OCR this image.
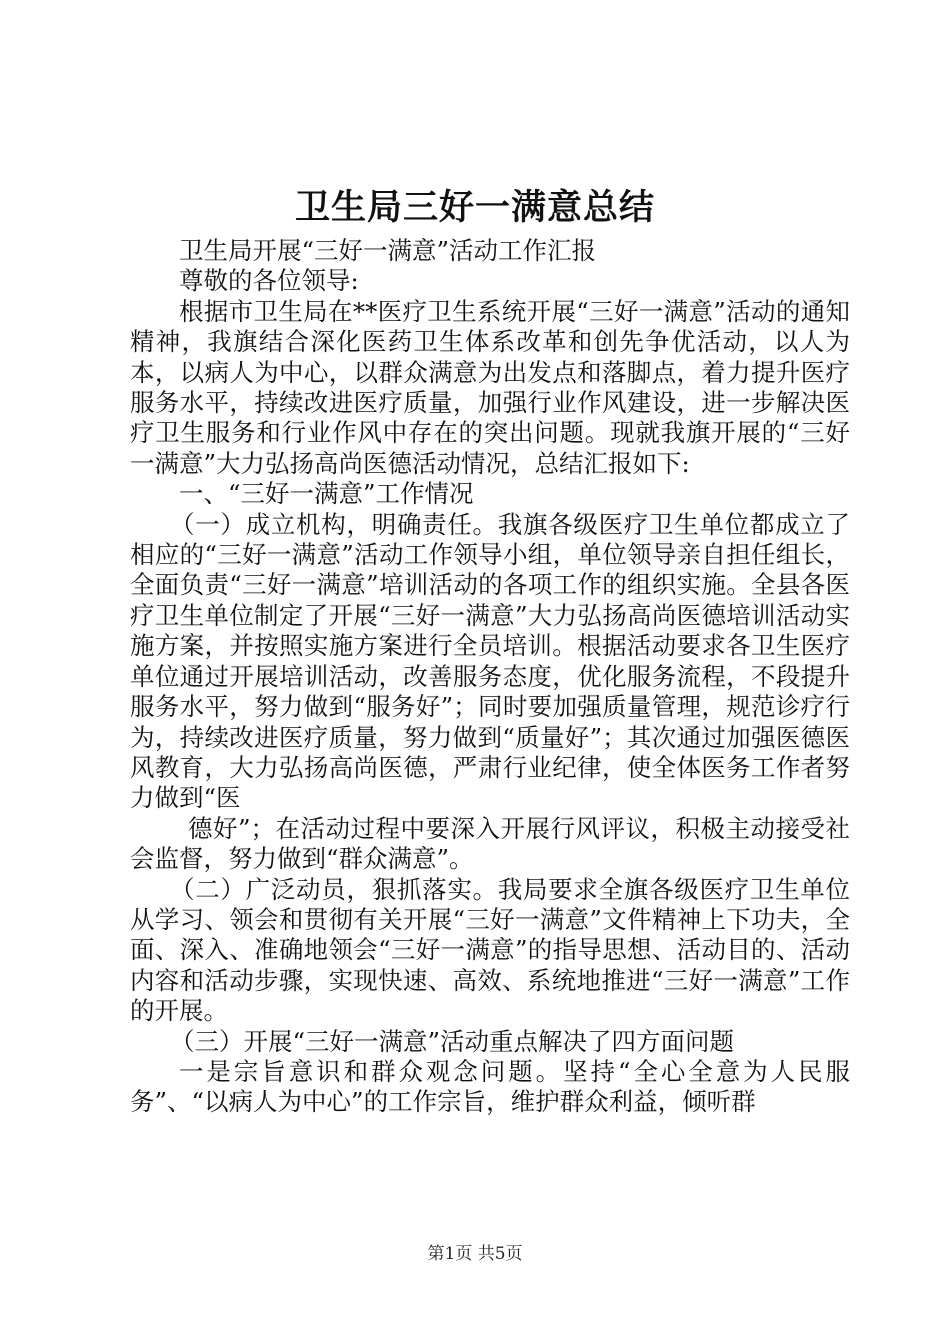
卫生局三好一满意总结

卫生局开展“三好一满意”活动工作汇报

尊敬的各位领导:

根据市卫生局在**医疗卫生系统开展“三好一满意”活动的通知精神，我旗结合深化医药卫生体系改革和创先争优活动，以人为本，以病人为中心，以群众满意为出发点和落脚点，着力提升医疗服务水平，持续改进医疗质量，加强行业作风建设，进一步解决医疗卫生服务和行业作风中存在的突出问题。现就我旗开展的“三好一满意”大力弘扬高尚医德活动情况，总结汇报如下:

一、“三好一满意”工作情况

（一）成立机构，明确责任。我旗各级医疗卫生单位都成立了相应的“三好一满意”活动工作领导小组，单位领导亲自担任组长，全面负责“三好一满意”培训活动的各项工作的组织实施。全县各医疗卫生单位制定了开展“三好一满意”大力弘扬高尚医德培训活动实施方案，并按照实施方案进行全员培训。根据活动要求各卫生医疗单位通过开展培训活动，改善服务态度，优化服务流程，不段提升服务水平，努力做到“服务好”；同时要加强质量管理，规范诊疗行为，持续改进医疗质量，努力做到“质量好”；其次通过加强医德医风教育，大力弘扬高尚医德，严肃行业纪律，使全体医务工作者努力做到“医

德好”；在活动过程中要深入开展行风评议，积极主动接受社会监督，努力做到“群众满意”。

（二）广泛动员，狠抓落实。我局要求全旗各级医疗卫生单位从学习、领会和贯彻有关开展“三好一满意”文件精神上下功夫，全面、深入、准确地领会“三好一满意”的指导思想、活动目的、活动内容和活动步骤，实现快速、高效、系统地推进“三好一满意”工作的开展。

（三）开展“三好一满意”活动重点解决了四方面问题

一是宗旨意识和群众观念问题。坚持“全心全意为人民服务”、“以病人为中心”的工作宗旨，维护群众利益，倾听群

第1页 共5页
